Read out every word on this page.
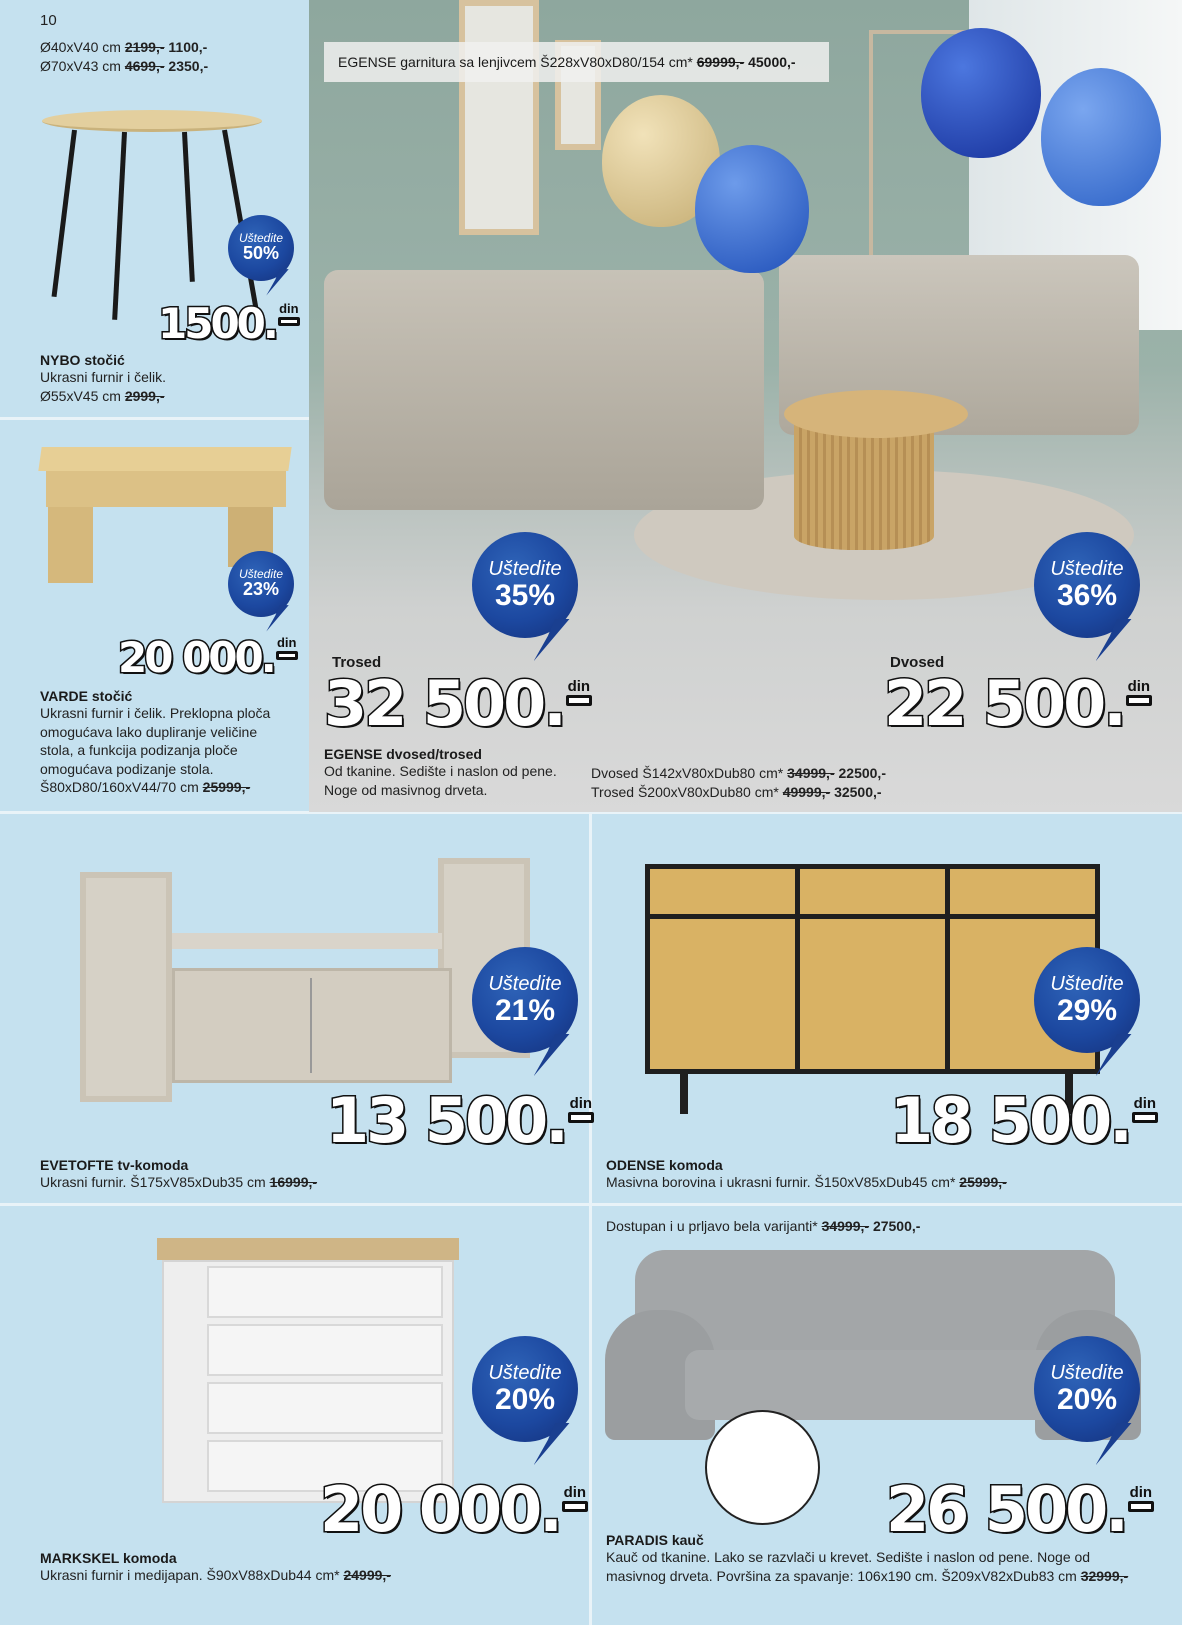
10
Ø40xV40 cm 2199,- 1100,-
Ø70xV43 cm 4699,- 2350,-
Uštedite
50%
1500. din
NYBO stočić
Ukrasni furnir i čelik.
Ø55xV45 cm 2999,-
Uštedite
23%
20 000. din
VARDE stočić
Ukrasni furnir i čelik. Preklopna ploča
omogućava lako dupliranje veličine
stola, a funkcija podizanja ploče
omogućava podizanje stola.
Š80xD80/160xV44/70 cm 25999,-
EGENSE garnitura sa lenjivcem Š228xV80xD80/154 cm*
69999,-
45000,-
Uštedite
35%
Uštedite
36%
Trosed
32 500. din
Dvosed
22 500. din
EGENSE dvosed/trosed
Od tkanine. Sedište i naslon od pene.
Noge od masivnog drveta.
Dvosed Š142xV80xDub80 cm* 34999,- 22500,-
Trosed Š200xV80xDub80 cm* 49999,- 32500,-
Uštedite
21%
13 500. din
EVETOFTE tv-komoda
Ukrasni furnir. Š175xV85xDub35 cm 16999,-
Uštedite
29%
18 500. din
ODENSE komoda
Masivna borovina i ukrasni furnir. Š150xV85xDub45 cm* 25999,-
Uštedite
20%
20 000. din
MARKSKEL komoda
Ukrasni furnir i medijapan. Š90xV88xDub44 cm* 24999,-
Dostupan i u prljavo bela varijanti* 34999,- 27500,-
Uštedite
20%
26 500. din
PARADIS kauč
Kauč od tkanine. Lako se razvlači u krevet. Sedište i naslon od pene. Noge od
masivnog drveta. Površina za spavanje: 106x190 cm. Š209xV82xDub83 cm 32999,-
